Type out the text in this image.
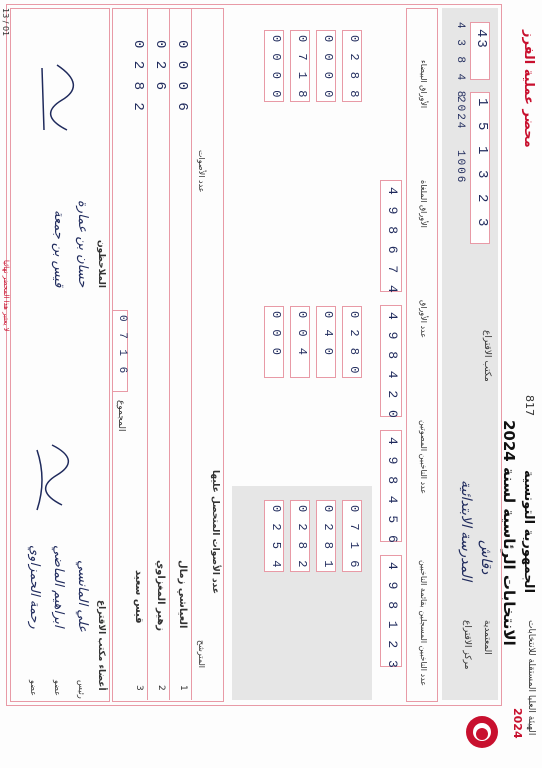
2024
الجمهورية التونسية
الانتخابات الرئاسية لسنة 2024
817
الهيئة العليا المستقلة للانتخابات
محضر عملية الفرز
المعتمدية
دقاش
مركز الاقتراع
المدرسة الابتدائية
مكتب الاقتراع
43
1
5
1
3
2
3
2024
1006
4 3 8 4 8
عدد الناخبين المسجلين بقائمة الناخبين
عدد الناخبين المصوتين
عدد الأوراق
الأوراق الملغاة
الأوراق البيضاء
4 9 8 1 2 3
4 9 8 4 5 6
4 9 8 4 2 0
4 9 8 6 7 4
0 7 1 6
0 2 8 1
0 2 8 2
0 2 5 4
0 2 8 0
0 4 0
0 0 4
0 0 0
0 2 8 8
0 0 0 0
0 7 1 8
0 0 0 0
عدد الأصوات المتحصل عليها
المترشح
عدد الأصوات
1
العياشي زمال
0 0 0 6
2
زهير المغزاوي
0 2 6
3
قيس سعيد
0 2 8 2
المجموع
0 7 1 6
أعضاء مكتب الاقتراع
الملاحظون
رئيس
علي المانسي
عضو
ابراهيم الماضي
عضو
رحمة الحمزاوي
حسان بن عمارة
قيس بن جمعة
لا يعتبر هذا المحضر نهائيا
13 / 01
